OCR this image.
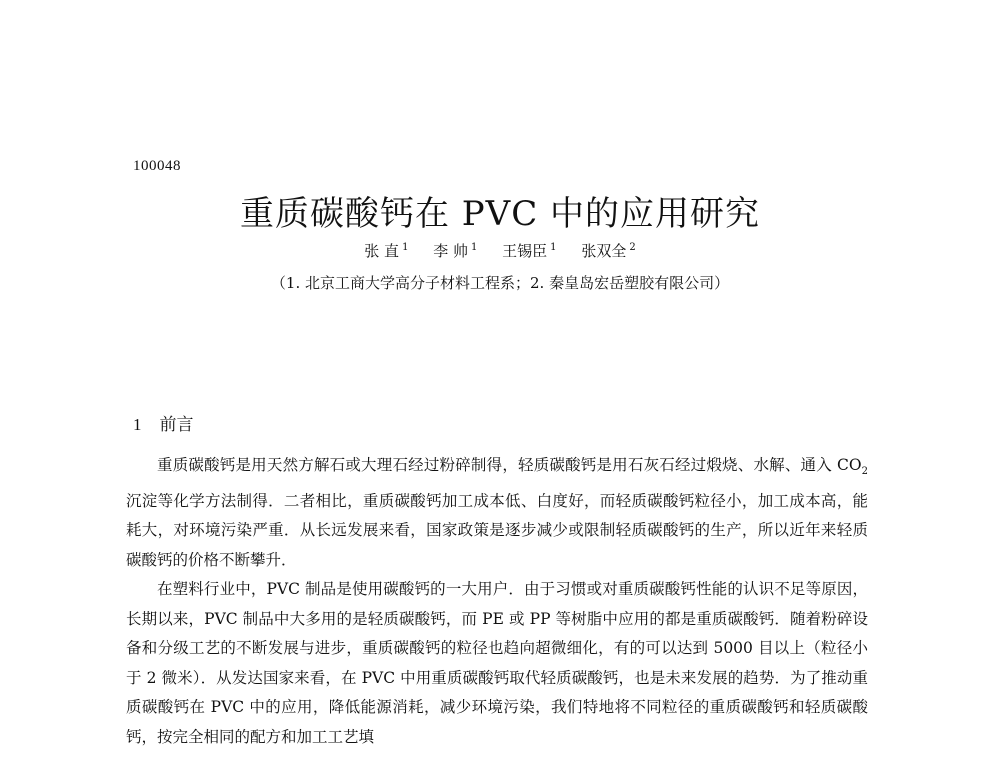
100048
重质碳酸钙在 PVC 中的应用研究
张 直 $^1$ 李 帅 $^1$ 王锡臣 $^1$ 张双全 $^2$
（1. 北京工商大学高分子材料工程系；2. 秦皇岛宏岳塑胶有限公司）
1 前言

重质碳酸钙是用天然方解石或大理石经过粉碎制得，轻质碳酸钙是用石灰石经过煅烧、水解、通入 $CO_2$ 沉淀等化学方法制得．二者相比，重质碳酸钙加工成本低、白度好，而轻质碳酸钙粒径小，加工成本高，能耗大，对环境污染严重．从长远发展来看，国家政策是逐步减少或限制轻质碳酸钙的生产，所以近年来轻质碳酸钙的价格不断攀升．

在塑料行业中，PVC 制品是使用碳酸钙的一大用户．由于习惯或对重质碳酸钙性能的认识不足等原因，长期以来，PVC 制品中大多用的是轻质碳酸钙，而 PE 或 PP 等树脂中应用的都是重质碳酸钙．随着粉碎设备和分级工艺的不断发展与进步，重质碳酸钙的粒径也趋向超微细化，有的可以达到 5000 目以上（粒径小于 2 微米）．从发达国家来看，在 PVC 中用重质碳酸钙取代轻质碳酸钙，也是未来发展的趋势．为了推动重质碳酸钙在 PVC 中的应用，降低能源消耗，减少环境污染，我们特地将不同粒径的重质碳酸钙和轻质碳酸钙，按完全相同的配方和加工工艺填
